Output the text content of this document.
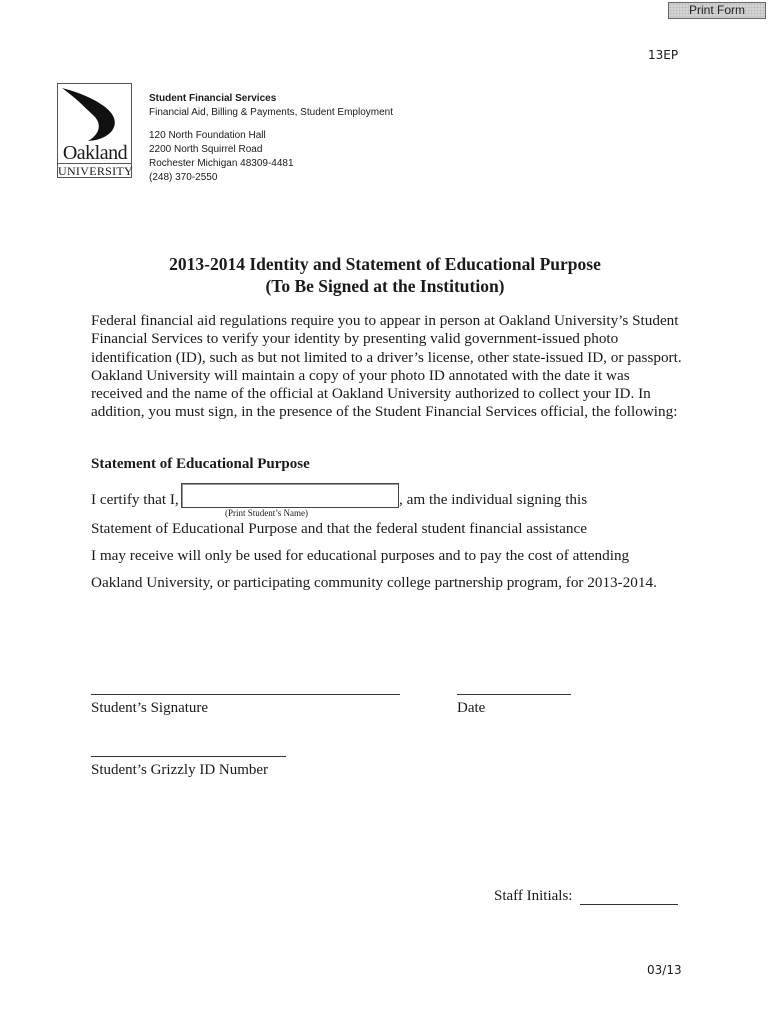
Print Form
13EP
Oakland
UNIVERSITY
Student Financial Services
Financial Aid, Billing & Payments, Student Employment
120 North Foundation Hall
2200 North Squirrel Road
Rochester Michigan 48309-4481
(248) 370-2550
2013-2014 Identity and Statement of Educational Purpose
(To Be Signed at the Institution)
Federal financial aid regulations require you to appear in person at Oakland University’s Student
Financial Services to verify your identity by presenting valid government-issued photo
identification (ID), such as but not limited to a driver’s license, other state-issued ID, or passport.
Oakland University will maintain a copy of your photo ID annotated with the date it was
received and the name of the official at Oakland University authorized to collect your ID. In
addition, you must sign, in the presence of the Student Financial Services official, the following:
Statement of Educational Purpose
I certify that I,	, am the individual signing this
(Print Student’s Name)
Statement of Educational Purpose and that the federal student financial assistance
I may receive will only be used for educational purposes and to pay the cost of attending
Oakland University, or participating community college partnership program, for 2013-2014.
Student’s Signature	Date
Student’s Grizzly ID Number
Staff Initials:
03/13
